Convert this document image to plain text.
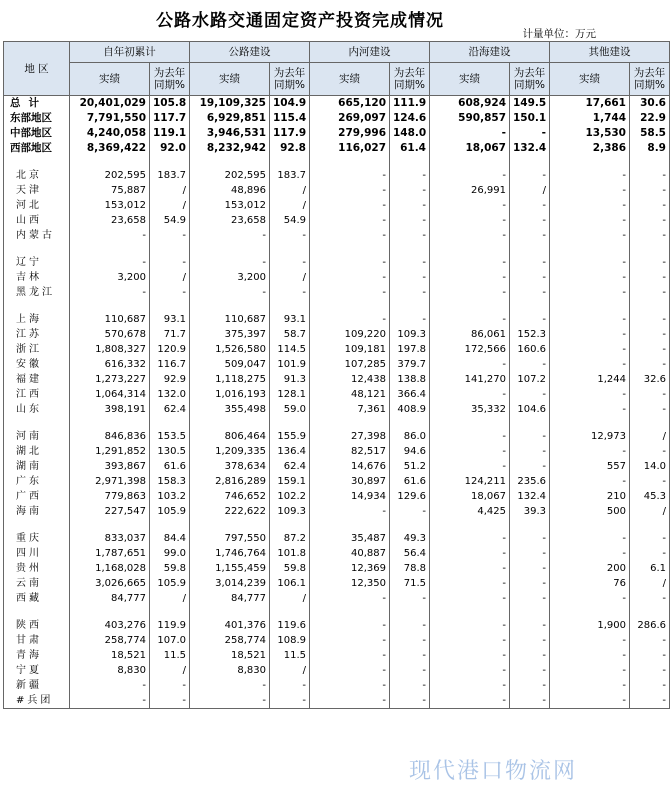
公路水路交通固定资产投资完成情况
计量单位：万元
地 区	自年初累计		公路建设		内河建设		沿海建设		其他建设	
	实绩	为去年同期%	实绩	为去年同期%	实绩	为去年同期%	实绩	为去年同期%	实绩	为去年同期%
总计	20,401,029	105.8	19,109,325	104.9	665,120	111.9	608,924	149.5	17,661	30.6
东部地区	7,791,550	117.7	6,929,851	115.4	269,097	124.6	590,857	150.1	1,744	22.9
中部地区	4,240,058	119.1	3,946,531	117.9	279,996	148.0	-	-	13,530	58.5
西部地区	8,369,422	92.0	8,232,942	92.8	116,027	61.4	18,067	132.4	2,386	8.9

北京	202,595	183.7	202,595	183.7	-	-	-	-	-	-
天津	75,887	/	48,896	/	-	-	26,991	/	-	-
河北	153,012	/	153,012	/	-	-	-	-	-	-
山西	23,658	54.9	23,658	54.9	-	-	-	-	-	-
内蒙古	-	-	-	-	-	-	-	-	-	-

辽宁	-	-	-	-	-	-	-	-	-	-
吉林	3,200	/	3,200	/	-	-	-	-	-	-
黑龙江	-	-	-	-	-	-	-	-	-	-

上海	110,687	93.1	110,687	93.1	-	-	-	-	-	-
江苏	570,678	71.7	375,397	58.7	109,220	109.3	86,061	152.3	-	-
浙江	1,808,327	120.9	1,526,580	114.5	109,181	197.8	172,566	160.6	-	-
安徽	616,332	116.7	509,047	101.9	107,285	379.7	-	-	-	-
福建	1,273,227	92.9	1,118,275	91.3	12,438	138.8	141,270	107.2	1,244	32.6
江西	1,064,314	132.0	1,016,193	128.1	48,121	366.4	-	-	-	-
山东	398,191	62.4	355,498	59.0	7,361	408.9	35,332	104.6	-	-

河南	846,836	153.5	806,464	155.9	27,398	86.0	-	-	12,973	/
湖北	1,291,852	130.5	1,209,335	136.4	82,517	94.6	-	-	-	-
湖南	393,867	61.6	378,634	62.4	14,676	51.2	-	-	557	14.0
广东	2,971,398	158.3	2,816,289	159.1	30,897	61.6	124,211	235.6	-	-
广西	779,863	103.2	746,652	102.2	14,934	129.6	18,067	132.4	210	45.3
海南	227,547	105.9	222,622	109.3	-	-	4,425	39.3	500	/

重庆	833,037	84.4	797,550	87.2	35,487	49.3	-	-	-	-
四川	1,787,651	99.0	1,746,764	101.8	40,887	56.4	-	-	-	-
贵州	1,168,028	59.8	1,155,459	59.8	12,369	78.8	-	-	200	6.1
云南	3,026,665	105.9	3,014,239	106.1	12,350	71.5	-	-	76	/
西藏	84,777	/	84,777	/	-	-	-	-	-	-

陕西	403,276	119.9	401,376	119.6	-	-	-	-	1,900	286.6
甘肃	258,774	107.0	258,774	108.9	-	-	-	-	-	-
青海	18,521	11.5	18,521	11.5	-	-	-	-	-	-
宁夏	8,830	/	8,830	/	-	-	-	-	-	-
新疆	-	-	-	-	-	-	-	-	-	-
#兵团	-	-	-	-	-	-	-	-	-	-
现代港口物流网
